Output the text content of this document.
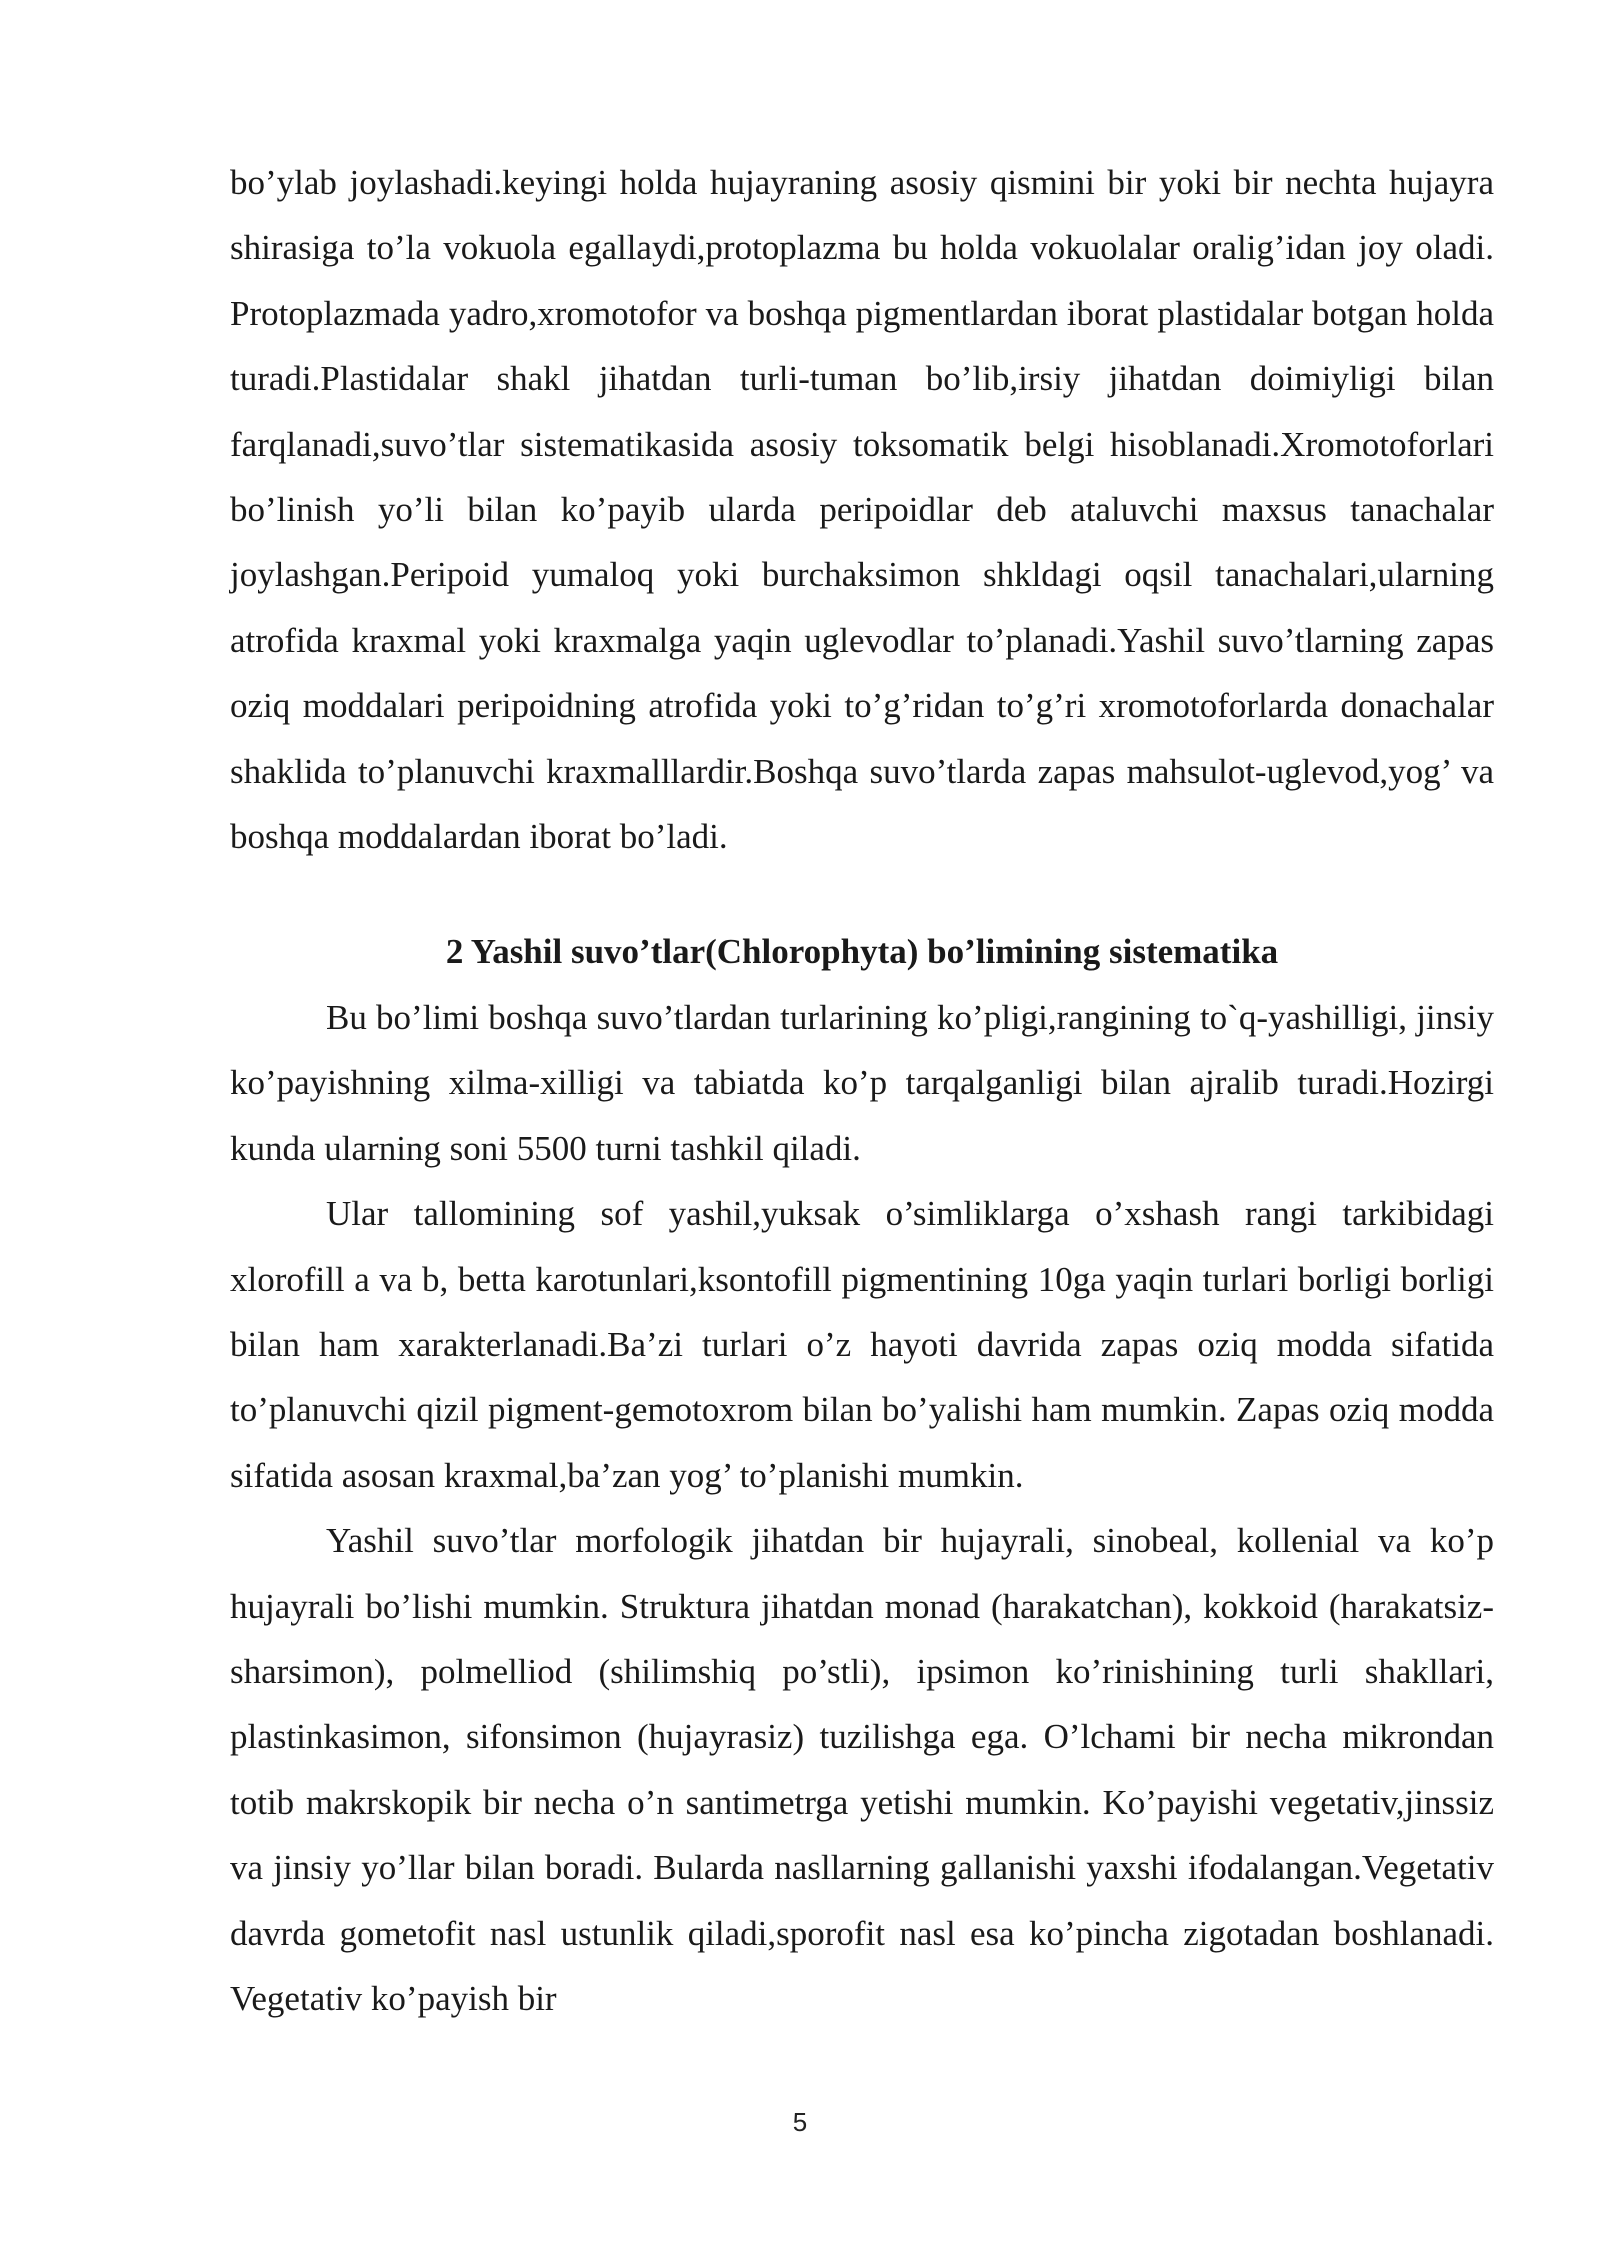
bo’ylab joylashadi.keyingi holda hujayraning asosiy qismini bir yoki bir nechta hujayra shirasiga to’la vokuola egallaydi,protoplazma bu holda vokuolalar oralig’idan joy oladi. Protoplazmada yadro,xromotofor va boshqa pigmentlardan iborat plastidalar botgan holda turadi.Plastidalar shakl jihatdan turli-tuman bo’lib,irsiy jihatdan doimiyligi bilan farqlanadi,suvo’tlar sistematikasida asosiy toksomatik belgi hisoblanadi.Xromotoforlari bo’linish yo’li bilan ko’payib ularda peripoidlar deb ataluvchi maxsus tanachalar joylashgan.Peripoid yumaloq yoki burchaksimon shkldagi oqsil tanachalari,ularning atrofida kraxmal yoki kraxmalga yaqin uglevodlar to’planadi.Yashil suvo’tlarning zapas oziq moddalari peripoidning atrofida yoki to’g’ridan to’g’ri xromotoforlarda donachalar shaklida to’planuvchi kraxmalllardir.Boshqa suvo’tlarda zapas mahsulot-uglevod,yog’ va boshqa moddalardan iborat bo’ladi.

2 Yashil suvo’tlar(Chlorophyta) bo’limining sistematika

Bu bo’limi boshqa suvo’tlardan turlarining ko’pligi,rangining to`q-yashilligi, jinsiy ko’payishning xilma-xilligi va tabiatda ko’p tarqalganligi bilan ajralib turadi.Hozirgi kunda ularning soni 5500 turni tashkil qiladi.

Ular tallomining sof yashil,yuksak o’simliklarga o’xshash rangi tarkibidagi xlorofill a va b, betta karotunlari,ksontofill pigmentining 10ga yaqin turlari borligi borligi bilan ham xarakterlanadi.Ba’zi turlari o’z hayoti davrida zapas oziq modda sifatida to’planuvchi qizil pigment-gemotoxrom bilan bo’yalishi ham mumkin. Zapas oziq modda sifatida asosan kraxmal,ba’zan yog’ to’planishi mumkin.

Yashil suvo’tlar morfologik jihatdan bir hujayrali, sinobeal, kollenial va ko’p hujayrali bo’lishi mumkin. Struktura jihatdan monad (harakatchan), kokkoid (harakatsiz-sharsimon), polmelliod (shilimshiq po’stli), ipsimon ko’rinishining turli shakllari, plastinkasimon, sifonsimon (hujayrasiz) tuzilishga ega. O’lchami bir necha mikrondan totib makrskopik bir necha o’n santimetrga yetishi mumkin. Ko’payishi vegetativ,jinssiz va jinsiy yo’llar bilan boradi. Bularda nasllarning gallanishi yaxshi ifodalangan.Vegetativ davrda gometofit nasl ustunlik qiladi,sporofit nasl esa ko’pincha zigotadan boshlanadi. Vegetativ ko’payish bir

5
